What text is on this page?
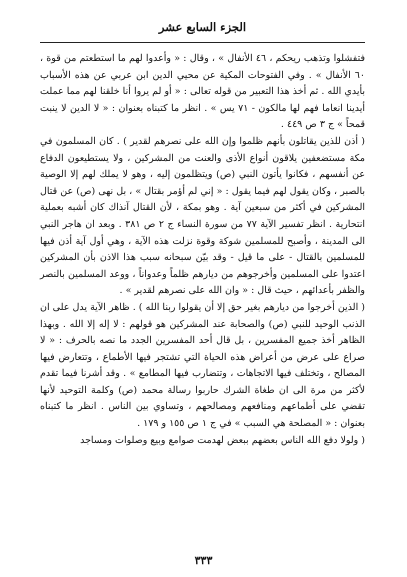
الجزء السابع عشر

فتفشلوا وتذهب ريحكم ، ٤٦ الأنفال » ، وقال : « وأعدوا لهم ما استطعتم من قوة ، ٦٠ الأنفال » . وفي الفتوحات المكية عن محيي الدين ابن عربي عن هذه الأسباب بأيدي الله . ثم أخذ هذا التعبير من قوله تعالى : « أو لم يروا أنا خلقنا لهم مما عملت أيدينا انعاما فهم لها مالكون - ٧١ يس » . انظر ما كتبناه بعنوان : « لا الدين لا ينبت قمحاً » ج ٣ ص ٤٤٩ .

( أذن للذين يقاتلون بأنهم ظلموا وإن الله على نصرهم لقدير ) . كان المسلمون في مكة مستضعفين يلاقون أنواع الأذى والعنت من المشركين ، ولا يستطيعون الدفاع عن أنفسهم ، فكانوا يأتون النبي (ص) ويتظلمون إليه ، وهو لا يملك لهم إلا الوصية بالصبر ، وكان يقول لهم فيما يقول : « إني لم أؤمر بقتال » ، بل نهى (ص) عن قتال المشركين في أكثر من سبعين آية . وهو بمكة ، لأن القتال آنذاك كان أشبه بعملية انتحارية . انظر تفسير الآية ٧٧ من سورة النساء ج ٢ ص ٣٨١ . وبعد ان هاجر النبي الى المدينة ، وأصبح للمسلمين شوكة وقوة نزلت هذه الآية ، وهي أول آية أذن فيها للمسلمين بالقتال - على ما قيل - وقد بيّن سبحانه سبب هذا الاذن بأن المشركين اعتدوا على المسلمين وأخرجوهم من ديارهم ظلماً وعدواناً ، ووعد المسلمين بالنصر والظفر بأعدائهم ، حيث قال : « وان الله على نصرهم لقدير » .

( الذين أخرجوا من ديارهم بغير حق إلا أن يقولوا ربنا الله ) . ظاهر الآية يدل على ان الذنب الوحيد للنبي (ص) والصحابة عند المشركين هو قولهم : لا إله إلا الله . وبهذا الظاهر أخذ جميع المفسرين ، بل قال أحد المفسرين الجدد ما نصه بالحرف : « لا صراع على عرض من أعراض هذه الحياة التي تشتجر فيها الأطماع ، وتتعارض فيها المصالح ، وتختلف فيها الاتجاهات ، وتتضارب فيها المطامع » . وقد أشرنا فيما تقدم لأكثر من مرة الى ان طغاة الشرك حاربوا رسالة محمد (ص) وكلمة التوحيد لأنها تقضي على أطماعهم ومنافعهم ومصالحهم ، وتساوي بين الناس . انظر ما كتبناه بعنوان : « المصلحة هي السبب » في ج ١ ص ١٥٥ و ١٧٩ .

( ولولا دفع الله الناس بعضهم ببعض لهدمت صوامع وبيع وصلوات ومساجد

٣٣٣
